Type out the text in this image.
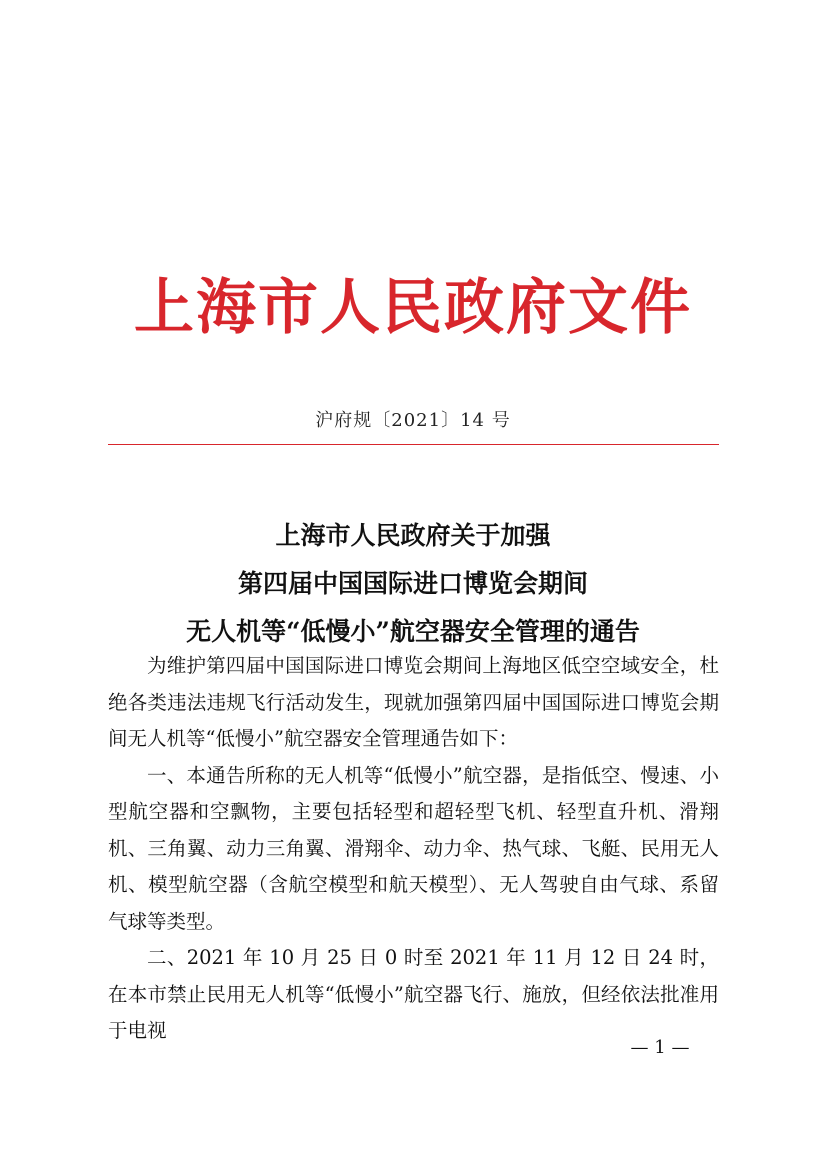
上海市人民政府文件
沪府规〔2021〕14 号
上海市人民政府关于加强
第四届中国国际进口博览会期间
无人机等“低慢小”航空器安全管理的通告

为维护第四届中国国际进口博览会期间上海地区低空空域安全，杜绝各类违法违规飞行活动发生，现就加强第四届中国国际进口博览会期间无人机等“低慢小”航空器安全管理通告如下：

一、本通告所称的无人机等“低慢小”航空器，是指低空、慢速、小型航空器和空飘物，主要包括轻型和超轻型飞机、轻型直升机、滑翔机、三角翼、动力三角翼、滑翔伞、动力伞、热气球、飞艇、民用无人机、模型航空器（含航空模型和航天模型）、无人驾驶自由气球、系留气球等类型。

二、2021 年 10 月 25 日 0 时至 2021 年 11 月 12 日 24 时，在本市禁止民用无人机等“低慢小”航空器飞行、施放，但经依法批准用于电视

— 1 —
